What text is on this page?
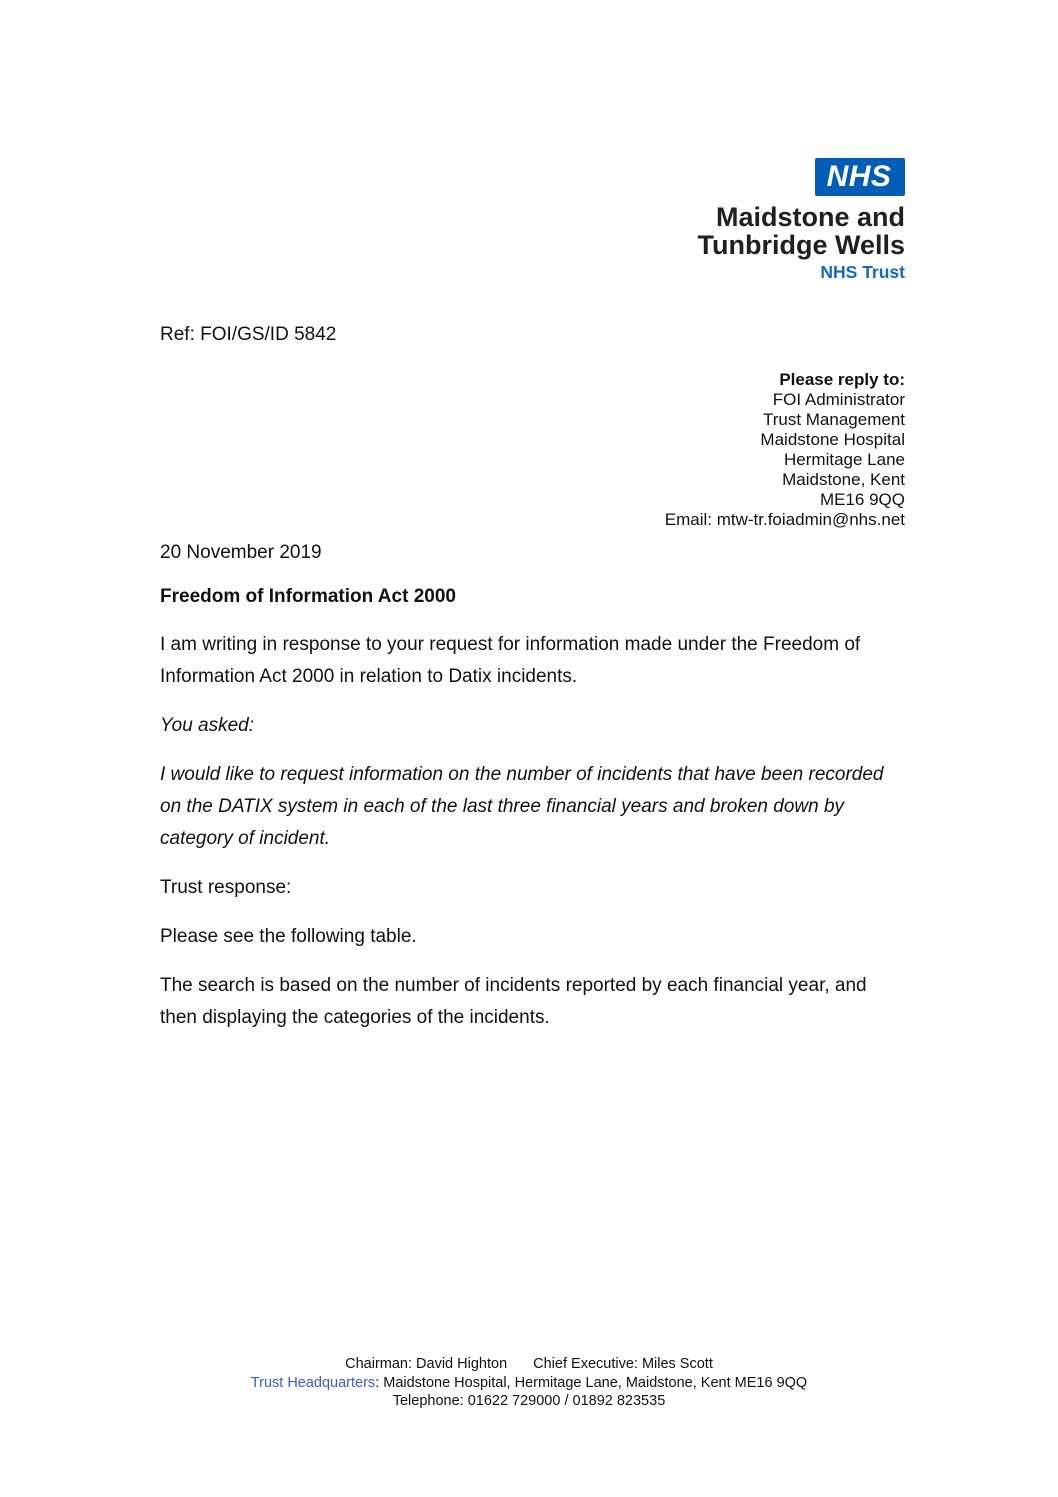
NHS
Maidstone and
Tunbridge Wells
NHS Trust
Ref: FOI/GS/ID 5842
Please reply to:
FOI Administrator
Trust Management
Maidstone Hospital
Hermitage Lane
Maidstone, Kent
ME16 9QQ
Email: mtw-tr.foiadmin@nhs.net
20 November 2019
Freedom of Information Act 2000
I am writing in response to your request for information made under the Freedom of Information Act 2000 in relation to Datix incidents.
You asked:
I would like to request information on the number of incidents that have been recorded on the DATIX system in each of the last three financial years and broken down by category of incident.
Trust response:
Please see the following table.
The search is based on the number of incidents reported by each financial year, and then displaying the categories of the incidents.
Chairman: David Highton Chief Executive: Miles Scott
Trust Headquarters: Maidstone Hospital, Hermitage Lane, Maidstone, Kent ME16 9QQ
Telephone: 01622 729000 / 01892 823535
